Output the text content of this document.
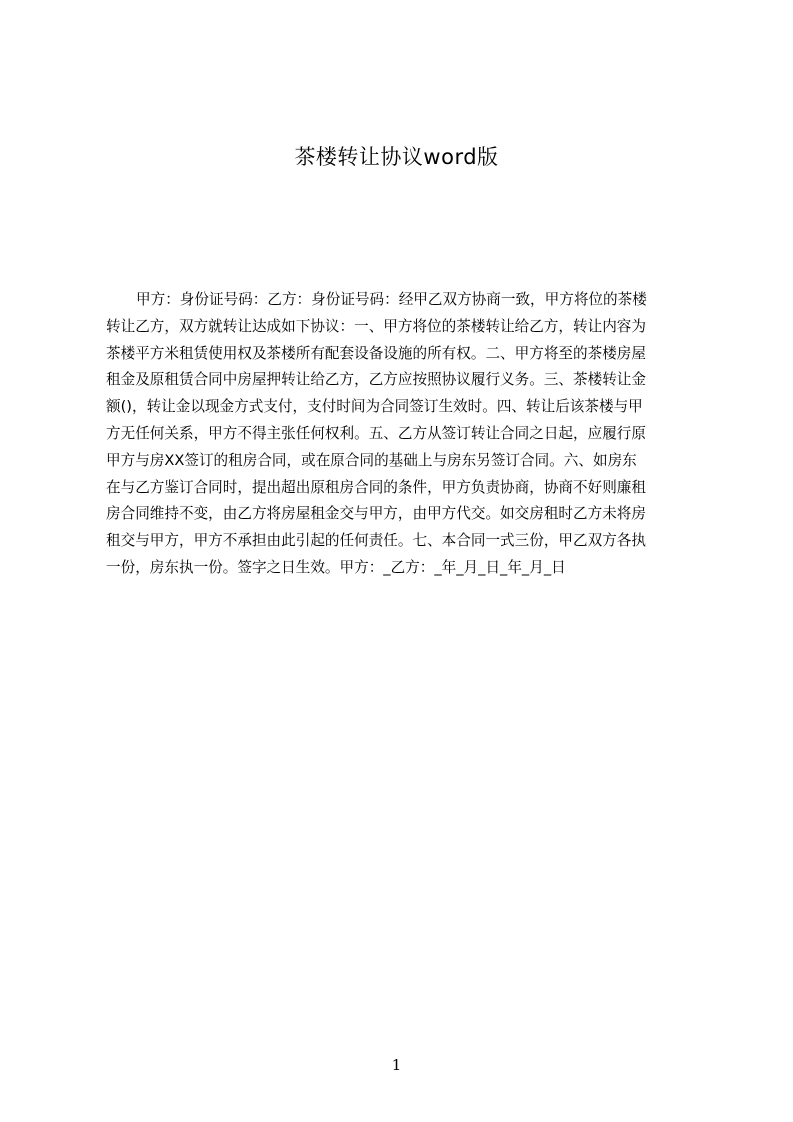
茶楼转让协议word版
甲方：身份证号码：乙方：身份证号码：经甲乙双方协商一致，甲方将位的茶楼
转让乙方，双方就转让达成如下协议：一、甲方将位的茶楼转让给乙方，转让内容为
茶楼平方米租赁使用权及茶楼所有配套设备设施的所有权。二、甲方将至的茶楼房屋
租金及原租赁合同中房屋押转让给乙方，乙方应按照协议履行义务。三、茶楼转让金
额()，转让金以现金方式支付，支付时间为合同签订生效时。四、转让后该茶楼与甲
方无任何关系，甲方不得主张任何权利。五、乙方从签订转让合同之日起，应履行原
甲方与房XX签订的租房合同，或在原合同的基础上与房东另签订合同。六、如房东
在与乙方鉴订合同时，提出超出原租房合同的条件，甲方负责协商，协商不好则廉租
房合同维持不变，由乙方将房屋租金交与甲方，由甲方代交。如交房租时乙方未将房
租交与甲方，甲方不承担由此引起的任何责任。七、本合同一式三份，甲乙双方各执
一份，房东执一份。签字之日生效。甲方：_乙方：_年_月_日_年_月_日
1
